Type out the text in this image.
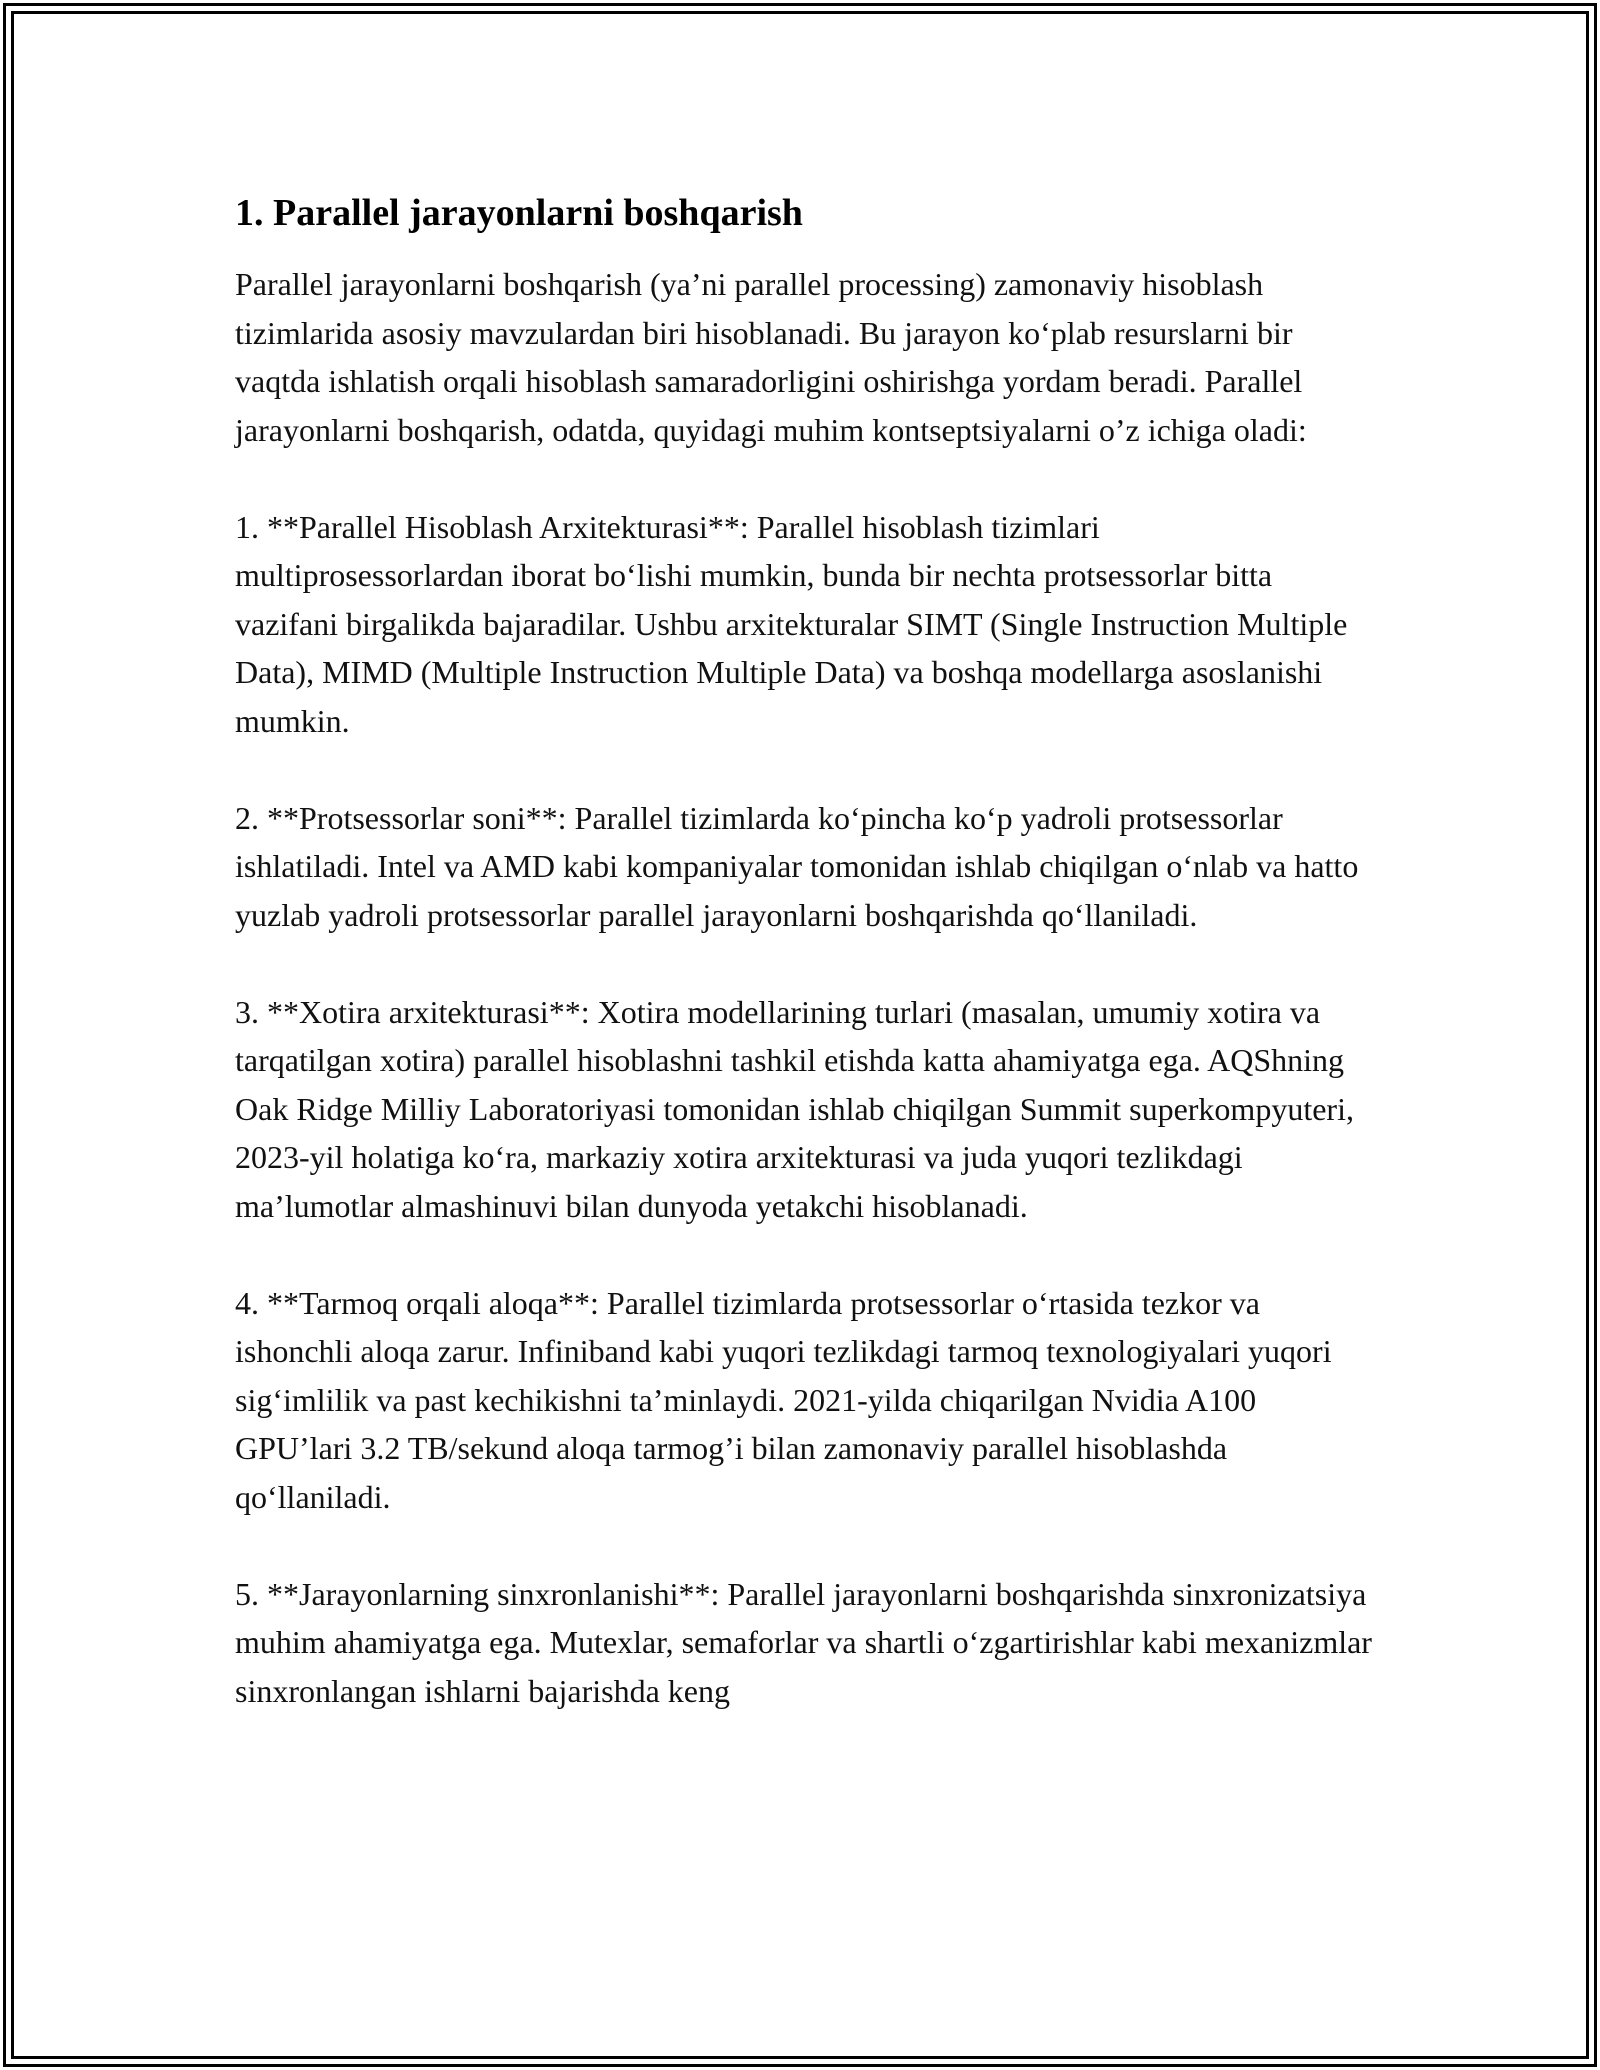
1. Parallel jarayonlarni boshqarish

Parallel jarayonlarni boshqarish (ya’ni parallel processing) zamonaviy hisoblash tizimlarida asosiy mavzulardan biri hisoblanadi. Bu jarayon ko‘plab resurslarni bir vaqtda ishlatish orqali hisoblash samaradorligini oshirishga yordam beradi. Parallel jarayonlarni boshqarish, odatda, quyidagi muhim kontseptsiyalarni o’z ichiga oladi:

1. **Parallel Hisoblash Arxitekturasi**: Parallel hisoblash tizimlari multiprosessorlardan iborat bo‘lishi mumkin, bunda bir nechta protsessorlar bitta vazifani birgalikda bajaradilar. Ushbu arxitekturalar SIMT (Single Instruction Multiple Data), MIMD (Multiple Instruction Multiple Data) va boshqa modellarga asoslanishi mumkin.

2. **Protsessorlar soni**: Parallel tizimlarda ko‘pincha ko‘p yadroli protsessorlar ishlatiladi. Intel va AMD kabi kompaniyalar tomonidan ishlab chiqilgan o‘nlab va hatto yuzlab yadroli protsessorlar parallel jarayonlarni boshqarishda qo‘llaniladi.

3. **Xotira arxitekturasi**: Xotira modellarining turlari (masalan, umumiy xotira va tarqatilgan xotira) parallel hisoblashni tashkil etishda katta ahamiyatga ega. AQShning Oak Ridge Milliy Laboratoriyasi tomonidan ishlab chiqilgan Summit superkompyuteri, 2023-yil holatiga ko‘ra, markaziy xotira arxitekturasi va juda yuqori tezlikdagi ma’lumotlar almashinuvi bilan dunyoda yetakchi hisoblanadi.

4. **Tarmoq orqali aloqa**: Parallel tizimlarda protsessorlar o‘rtasida tezkor va ishonchli aloqa zarur. Infiniband kabi yuqori tezlikdagi tarmoq texnologiyalari yuqori sig‘imlilik va past kechikishni ta’minlaydi. 2021-yilda chiqarilgan Nvidia A100 GPU’lari 3.2 TB/sekund aloqa tarmog’i bilan zamonaviy parallel hisoblashda qo‘llaniladi.

5. **Jarayonlarning sinxronlanishi**: Parallel jarayonlarni boshqarishda sinxronizatsiya muhim ahamiyatga ega. Mutexlar, semaforlar va shartli o‘zgartirishlar kabi mexanizmlar sinxronlangan ishlarni bajarishda keng
